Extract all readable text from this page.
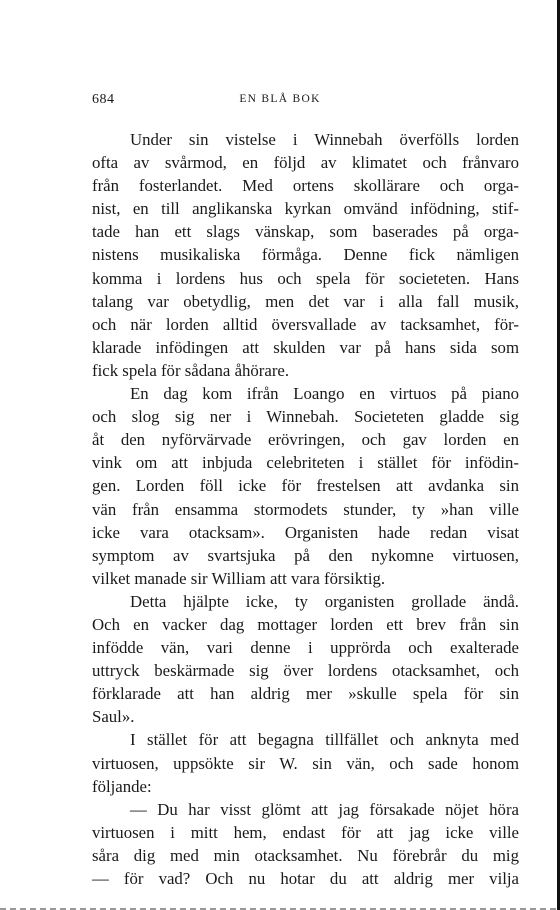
684	EN BLÅ BOK
Under sin vistelse i Winnebah överfölls lorden
ofta av svårmod, en följd av klimatet och frånvaro
från fosterlandet. Med ortens skollärare och orga-
nist, en till anglikanska kyrkan omvänd infödning, stif-
tade han ett slags vänskap, som baserades på orga-
nistens musikaliska förmåga. Denne fick nämligen
komma i lordens hus och spela för societeten. Hans
talang var obetydlig, men det var i alla fall musik,
och när lorden alltid översvallade av tacksamhet, för-
klarade infödingen att skulden var på hans sida som
fick spela för sådana åhörare.
En dag kom ifrån Loango en virtuos på piano
och slog sig ner i Winnebah. Societeten gladde sig
åt den nyförvärvade erövringen, och gav lorden en
vink om att inbjuda celebriteten i stället för infödin-
gen. Lorden föll icke för frestelsen att avdanka sin
vän från ensamma stormodets stunder, ty »han ville
icke vara otacksam». Organisten hade redan visat
symptom av svartsjuka på den nykomne virtuosen,
vilket manade sir William att vara försiktig.
Detta hjälpte icke, ty organisten grollade ändå.
Och en vacker dag mottager lorden ett brev från sin
infödde vän, vari denne i upprörda och exalterade
uttryck beskärmade sig över lordens otacksamhet, och
förklarade att han aldrig mer »skulle spela för sin
Saul».
I stället för att begagna tillfället och anknyta med
virtuosen, uppsökte sir W. sin vän, och sade honom
följande:
— Du har visst glömt att jag försakade nöjet höra
virtuosen i mitt hem, endast för att jag icke ville
såra dig med min otacksamhet. Nu förebrår du mig
— för vad? Och nu hotar du att aldrig mer vilja
